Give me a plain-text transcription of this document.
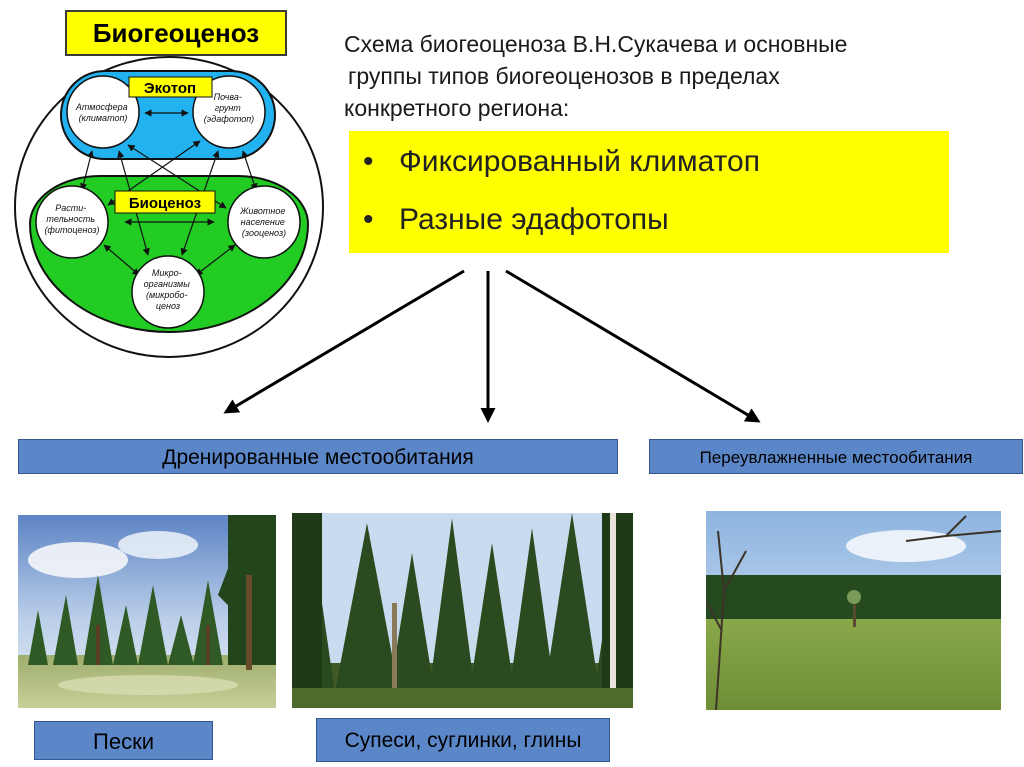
Биогеоценоз
Атмосфера (климатоп)
Почва- грунт (эдафотоп)
Расти- тельность (фитоценоз)
Животное население (зооценоз)
Микро- организмы (микробо- ценоз
Экотоп
Биоценоз
Схема биогеоценоза В.Н.Сукачева и основные
группы типов биогеоценозов в пределах
конкретного региона:
• Фиксированный климатоп
• Разные эдафотопы
Дренированные местообитания	Переувлажненные местообитания
Пески	Супеси, суглинки, глины
